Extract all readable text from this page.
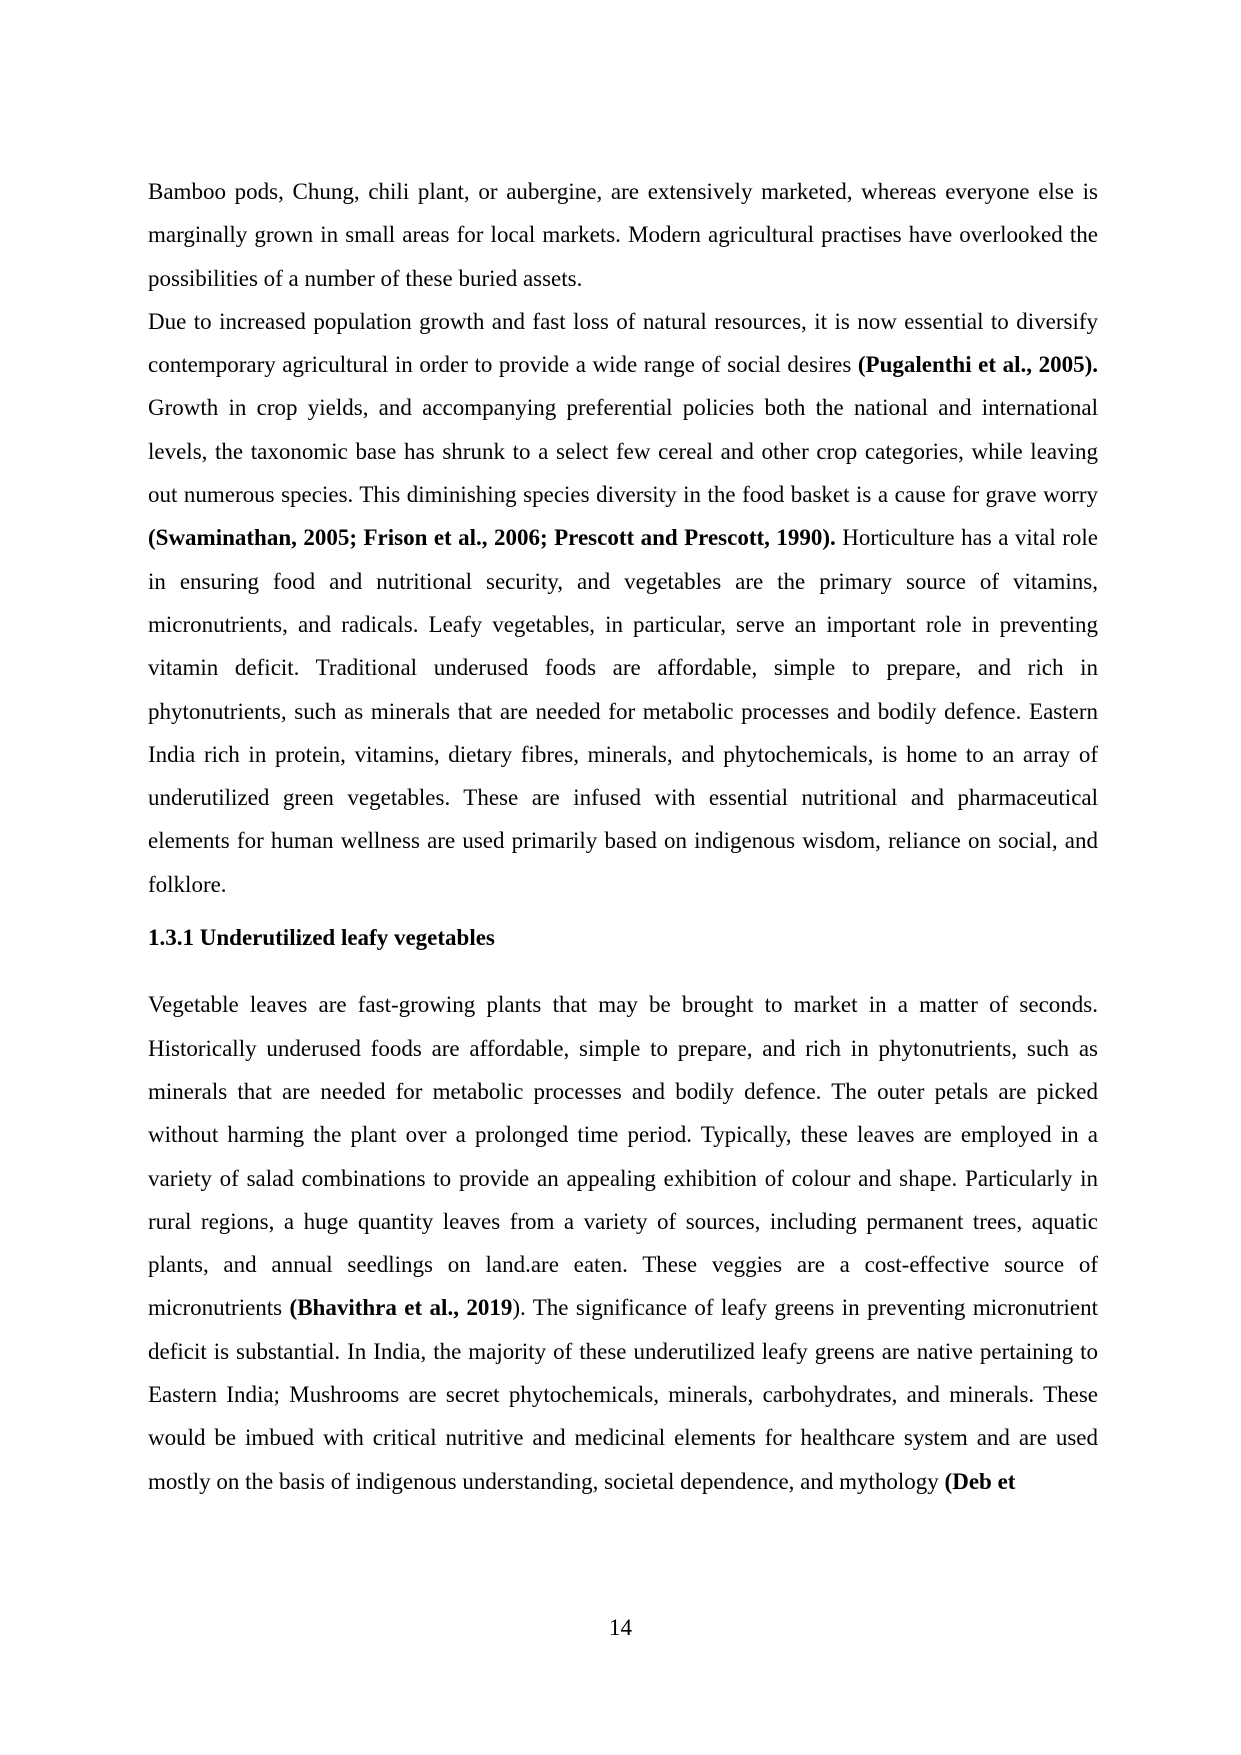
Bamboo pods, Chung, chili plant, or aubergine, are extensively marketed, whereas everyone else is marginally grown in small areas for local markets. Modern agricultural practises have overlooked the possibilities of a number of these buried assets.

Due to increased population growth and fast loss of natural resources, it is now essential to diversify contemporary agricultural in order to provide a wide range of social desires (Pugalenthi et al., 2005). Growth in crop yields, and accompanying preferential policies both the national and international levels, the taxonomic base has shrunk to a select few cereal and other crop categories, while leaving out numerous species. This diminishing species diversity in the food basket is a cause for grave worry (Swaminathan, 2005; Frison et al., 2006; Prescott and Prescott, 1990). Horticulture has a vital role in ensuring food and nutritional security, and vegetables are the primary source of vitamins, micronutrients, and radicals. Leafy vegetables, in particular, serve an important role in preventing vitamin deficit. Traditional underused foods are affordable, simple to prepare, and rich in phytonutrients, such as minerals that are needed for metabolic processes and bodily defence. Eastern India rich in protein, vitamins, dietary fibres, minerals, and phytochemicals, is home to an array of underutilized green vegetables. These are infused with essential nutritional and pharmaceutical elements for human wellness are used primarily based on indigenous wisdom, reliance on social, and folklore.

1.3.1 Underutilized leafy vegetables

Vegetable leaves are fast-growing plants that may be brought to market in a matter of seconds. Historically underused foods are affordable, simple to prepare, and rich in phytonutrients, such as minerals that are needed for metabolic processes and bodily defence. The outer petals are picked without harming the plant over a prolonged time period. Typically, these leaves are employed in a variety of salad combinations to provide an appealing exhibition of colour and shape. Particularly in rural regions, a huge quantity leaves from a variety of sources, including permanent trees, aquatic plants, and annual seedlings on land.are eaten. These veggies are a cost-effective source of micronutrients (Bhavithra et al., 2019). The significance of leafy greens in preventing micronutrient deficit is substantial. In India, the majority of these underutilized leafy greens are native pertaining to Eastern India; Mushrooms are secret phytochemicals, minerals, carbohydrates, and minerals. These would be imbued with critical nutritive and medicinal elements for healthcare system and are used mostly on the basis of indigenous understanding, societal dependence, and mythology (Deb et

14
